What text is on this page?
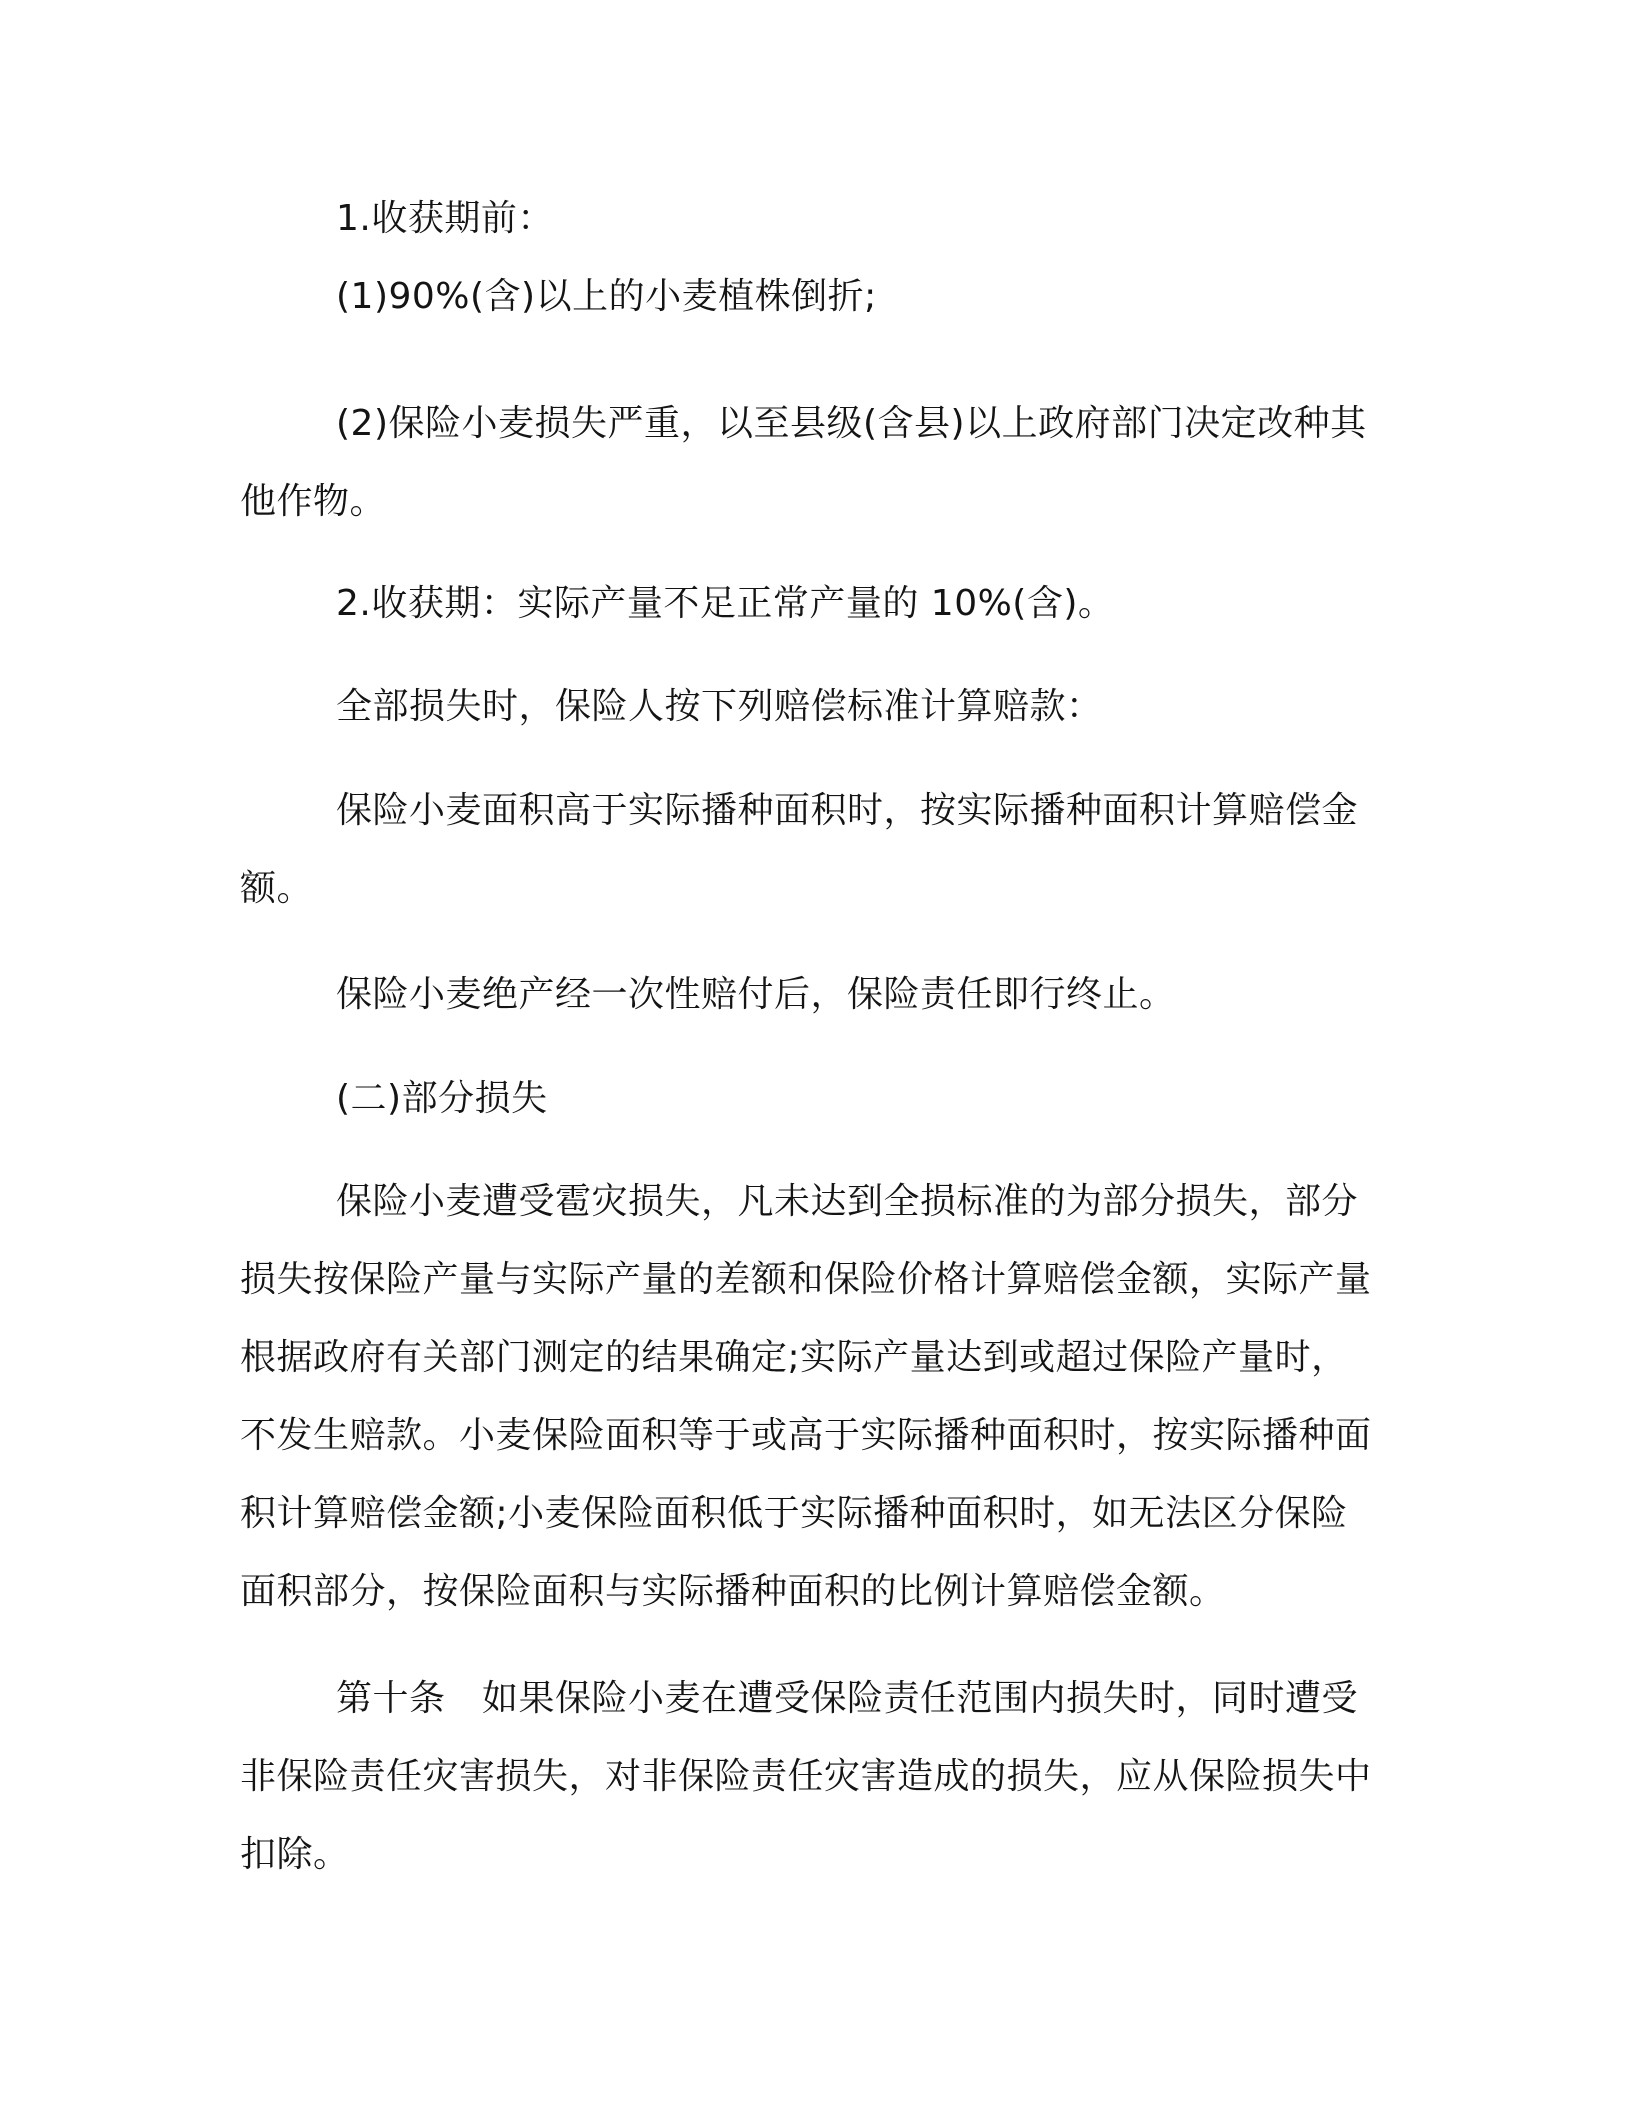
1.收获期前：

(1)90%(含)以上的小麦植株倒折;

(2)保险小麦损失严重，以至县级(含县)以上政府部门决定改种其他作物。

2.收获期：实际产量不足正常产量的 10%(含)。

全部损失时，保险人按下列赔偿标准计算赔款：

保险小麦面积高于实际播种面积时，按实际播种面积计算赔偿金额。

保险小麦绝产经一次性赔付后，保险责任即行终止。

(二)部分损失

保险小麦遭受雹灾损失，凡未达到全损标准的为部分损失，部分损失按保险产量与实际产量的差额和保险价格计算赔偿金额，实际产量根据政府有关部门测定的结果确定;实际产量达到或超过保险产量时，不发生赔款。小麦保险面积等于或高于实际播种面积时，按实际播种面积计算赔偿金额;小麦保险面积低于实际播种面积时，如无法区分保险面积部分，按保险面积与实际播种面积的比例计算赔偿金额。

第十条　如果保险小麦在遭受保险责任范围内损失时，同时遭受非保险责任灾害损失，对非保险责任灾害造成的损失，应从保险损失中扣除。
